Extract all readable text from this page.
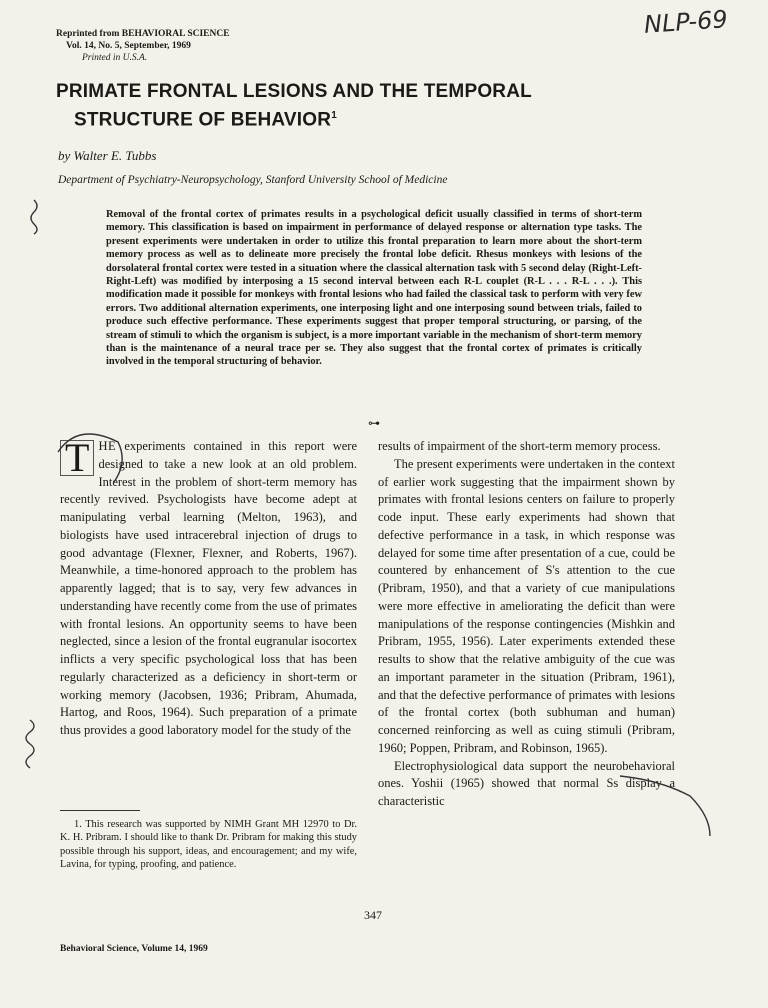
NLP-69
Reprinted from BEHAVIORAL SCIENCE
Vol. 14, No. 5, September, 1969
Printed in U.S.A.
PRIMATE FRONTAL LESIONS AND THE TEMPORAL
STRUCTURE OF BEHAVIOR$^1$
by Walter E. Tubbs
Department of Psychiatry-Neuropsychology, Stanford University School of Medicine
Removal of the frontal cortex of primates results in a psychological deficit usually classified in terms of short-term memory. This classification is based on impairment in performance of delayed response or alternation type tasks. The present experiments were undertaken in order to utilize this frontal preparation to learn more about the short-term memory process as well as to delineate more precisely the frontal lobe deficit. Rhesus monkeys with lesions of the dorsolateral frontal cortex were tested in a situation where the classical alternation task with 5 second delay (Right-Left-Right-Left) was modified by interposing a 15 second interval between each R-L couplet (R-L . . . R-L . . .). This modification made it possible for monkeys with frontal lesions who had failed the classical task to perform with very few errors. Two additional alternation experiments, one interposing light and one interposing sound between trials, failed to produce such effective performance. These experiments suggest that proper temporal structuring, or parsing, of the stream of stimuli to which the organism is subject, is a more important variable in the mechanism of short-term memory than is the maintenance of a neural trace per se. They also suggest that the frontal cortex of primates is critically involved in the temporal structuring of behavior.
⊶

T HE experiments contained in this report were designed to take a new look at an old problem. Interest in the problem of short-term memory has recently revived. Psychologists have become adept at manipulating verbal learning (Melton, 1963), and biologists have used intracerebral injection of drugs to good advantage (Flexner, Flexner, and Roberts, 1967). Meanwhile, a time-honored approach to the problem has apparently lagged; that is to say, very few advances in understanding have recently come from the use of primates with frontal lesions. An opportunity seems to have been neglected, since a lesion of the frontal eugranular isocortex inflicts a very specific psychological loss that has been regularly characterized as a deficiency in short-term or working memory (Jacobsen, 1936; Pribram, Ahumada, Hartog, and Roos, 1964). Such preparation of a primate thus provides a good laboratory model for the study of the

results of impairment of the short-term memory process.

The present experiments were undertaken in the context of earlier work suggesting that the impairment shown by primates with frontal lesions centers on failure to properly code input. These early experiments had shown that defective performance in a task, in which response was delayed for some time after presentation of a cue, could be countered by enhancement of S's attention to the cue (Pribram, 1950), and that a variety of cue manipulations were more effective in ameliorating the deficit than were manipulations of the response contingencies (Mishkin and Pribram, 1955, 1956). Later experiments extended these results to show that the relative ambiguity of the cue was an important parameter in the situation (Pribram, 1961), and that the defective performance of primates with lesions of the frontal cortex (both subhuman and human) concerned reinforcing as well as cuing stimuli (Pribram, 1960; Poppen, Pribram, and Robinson, 1965).

Electrophysiological data support the neurobehavioral ones. Yoshii (1965) showed that normal Ss display a characteristic

1. This research was supported by NIMH Grant MH 12970 to Dr. K. H. Pribram. I should like to thank Dr. Pribram for making this study possible through his support, ideas, and encouragement; and my wife, Lavina, for typing, proofing, and patience.

347
Behavioral Science, Volume 14, 1969
